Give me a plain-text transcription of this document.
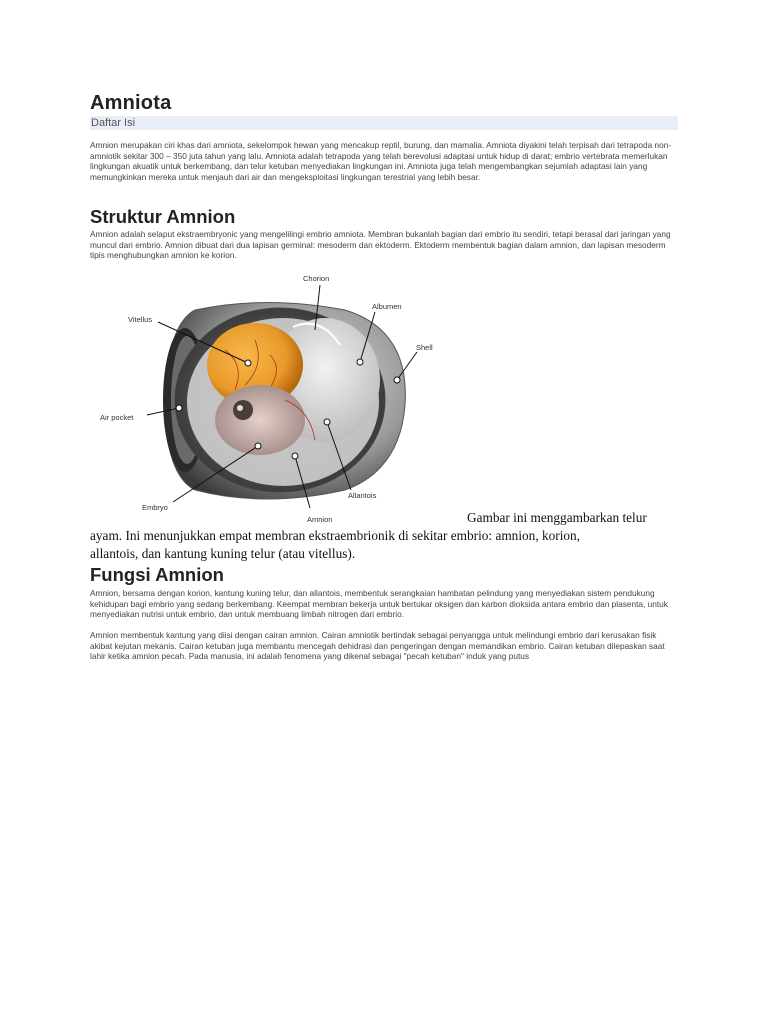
Amniota
Daftar Isi

Amnion merupakan ciri khas dari amniota, sekelompok hewan yang mencakup reptil, burung, dan mamalia. Amniota diyakini telah terpisah dari tetrapoda non-amniotik sekitar 300 – 350 juta tahun yang lalu. Amniota adalah tetrapoda yang telah berevolusi adaptasi untuk hidup di darat; embrio vertebrata memerlukan lingkungan akuatik untuk berkembang, dan telur ketuban menyediakan lingkungan ini. Amniota juga telah mengembangkan sejumlah adaptasi lain yang memungkinkan mereka untuk menjauh dari air dan mengeksploitasi lingkungan terestrial yang lebih besar.

Struktur Amnion

Amnion adalah selaput ekstraembryonic yang mengelilingi embrio amniota. Membran bukanlah bagian dari embrio itu sendiri, tetapi berasal dari jaringan yang muncul dari embrio. Amnion dibuat dari dua lapisan germinal: mesoderm dan ektoderm. Ektoderm membentuk bagian dalam amnion, dan lapisan mesoderm tipis menghubungkan amnion ke korion.

Fungsi Amnion

Amnion, bersama dengan korion, kantung kuning telur, dan allantois, membentuk serangkaian hambatan pelindung yang menyediakan sistem pendukung kehidupan bagi embrio yang sedang berkembang. Keempat membran bekerja untuk bertukar oksigen dan karbon dioksida antara embrio dan plasenta, untuk menyediakan nutrisi untuk embrio, dan untuk membuang limbah nitrogen dari embrio.

Amnion membentuk kantung yang diisi dengan cairan amnion. Cairan amniotik bertindak sebagai penyangga untuk melindungi embrio dari kerusakan fisik akibat kejutan mekanis. Cairan ketuban juga membantu mencegah dehidrasi dan pengeringan dengan memandikan embrio. Cairan ketuban dilepaskan saat lahir ketika amnion pecah. Pada manusia, ini adalah fenomena yang dikenal sebagai "pecah ketuban" induk yang putus

Chorion
Albumen
Vitellus
Shell
Air pocket
Embryo
Allantois
Amnion	Gambar ini menggambarkan telur
ayam. Ini menunjukkan empat membran ekstraembrionik di sekitar embrio: amnion, korion,
allantois, dan kantung kuning telur (atau vitellus).
